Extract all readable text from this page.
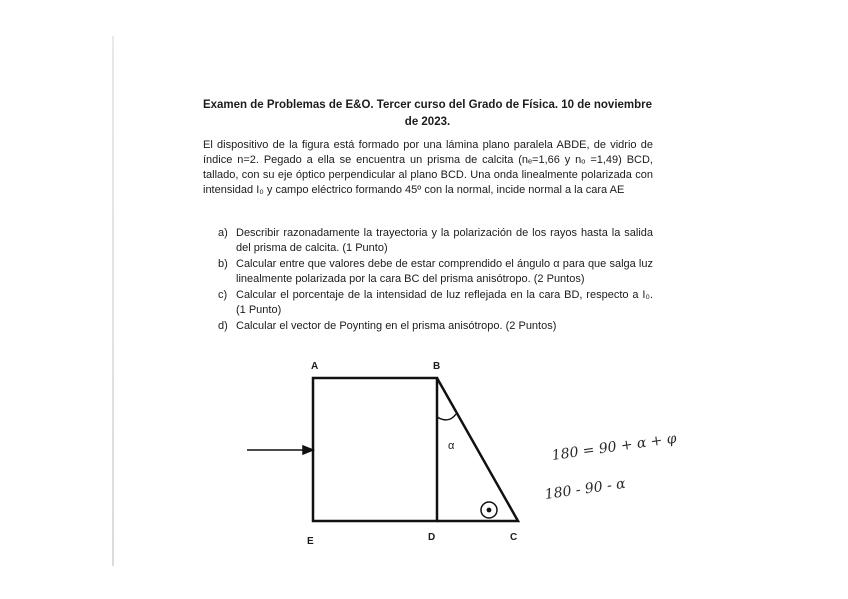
Examen de Problemas de E&O. Tercer curso del Grado de Física. 10 de noviembre de 2023.
El dispositivo de la figura está formado por una lámina plano paralela ABDE, de vidrio de índice n=2. Pegado a ella se encuentra un prisma de calcita (nₑ=1,66 y nₒ =1,49) BCD, tallado, con su eje óptico perpendicular al plano BCD. Una onda linealmente polarizada con intensidad I₀ y campo eléctrico formando 45º con la normal, incide normal a la cara AE
a) Describir razonadamente la trayectoria y la polarización de los rayos hasta la salida del prisma de calcita. (1 Punto)
b) Calcular entre que valores debe de estar comprendido el ángulo α para que salga luz linealmente polarizada por la cara BC del prisma anisótropo. (2 Puntos)
c) Calcular el porcentaje de la intensidad de luz reflejada en la cara BD, respecto a I₀. (1 Punto)
d) Calcular el vector de Poynting en el prisma anisótropo. (2 Puntos)
A	B
C
D
E
α	180 = 90 + α + φ
180 - 90 - α
